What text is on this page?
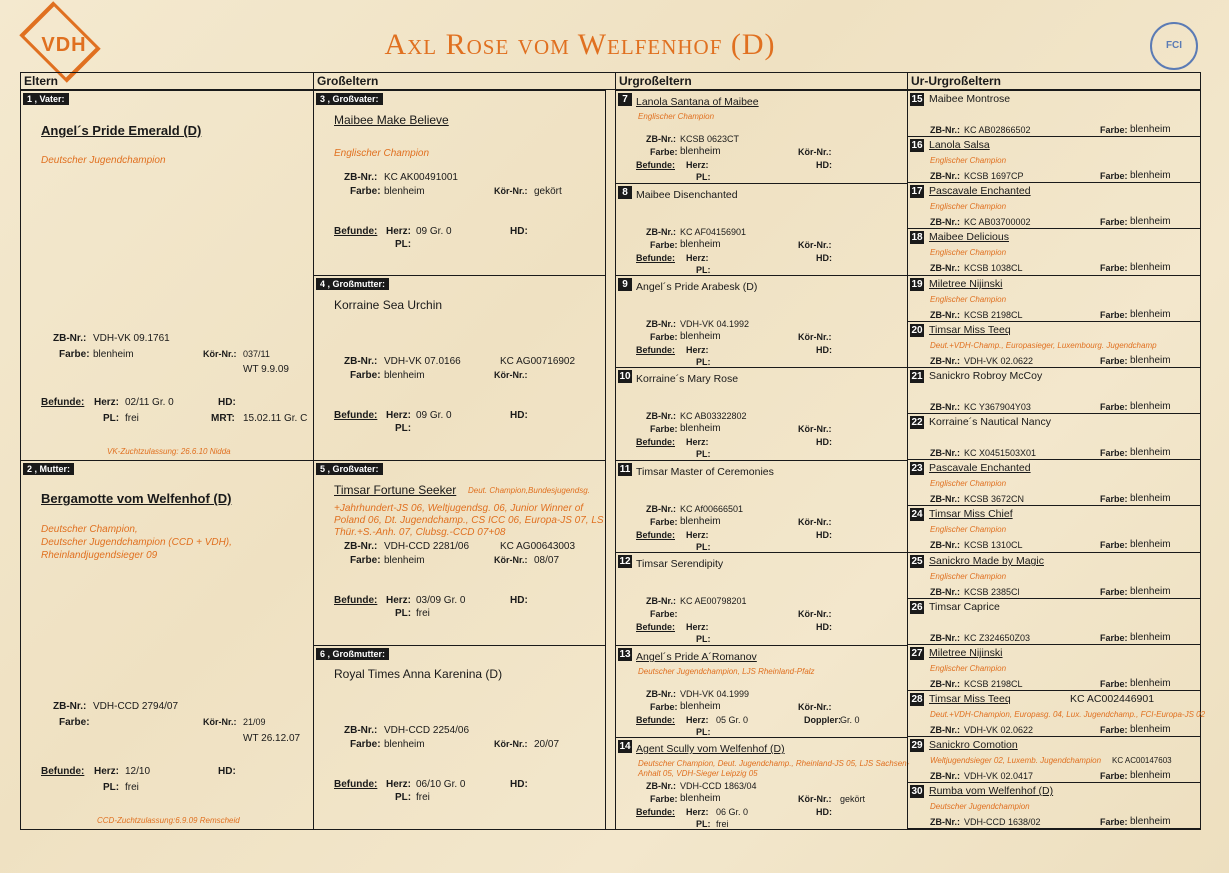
VDH	Axl Rose vom Welfenhof (D)	FCI
Eltern	Großeltern	Urgroßeltern	Ur-Urgroßeltern
1 , Vater:
Angel´s Pride Emerald (D)
Deutscher Jugendchampion
ZB-Nr.: VDH-VK 09.1761
Farbe: blenheim	Kör-Nr.: 037/11
WT 9.9.09
Befunde: Herz: 02/11 Gr. 0	HD:
PL: frei	MRT: 15.02.11 Gr. C
VK-Zuchtzulassung: 26.6.10 Nidda
2 , Mutter:
Bergamotte vom Welfenhof (D)
Deutscher Champion,
Deutscher Jugendchampion (CCD + VDH),
Rheinlandjugendsieger 09
ZB-Nr.: VDH-CCD 2794/07
Farbe:	Kör-Nr.: 21/09
WT 26.12.07
Befunde: Herz: 12/10	HD:
PL: frei
CCD-Zuchtzulassung:6.9.09 Remscheid
3 , Großvater:
Maibee Make Believe
Englischer Champion
ZB-Nr.: KC AK00491001
Farbe: blenheim	Kör-Nr.: gekört
Befunde: Herz: 09 Gr. 0	HD:
PL:
4 , Großmutter:
Korraine Sea Urchin
ZB-Nr.: VDH-VK 07.0166	KC AG00716902
Farbe: blenheim	Kör-Nr.:
Befunde: Herz: 09 Gr. 0	HD:
PL:
5 , Großvater:
Timsar Fortune Seeker Deut. Champion,Bundesjugendsg.
+Jahrhundert-JS 06, Weltjugendsg. 06, Junior Winner of
Poland 06, Dt. Jugendchamp., CS ICC 06, Europa-JS 07, LS
Thür.+S.-Anh. 07, Clubsg.-CCD 07+08
ZB-Nr.: VDH-CCD 2281/06	KC AG00643003
Farbe: blenheim	Kör-Nr.: 08/07
Befunde: Herz: 03/09 Gr. 0	HD:
PL: frei
6 , Großmutter:
Royal Times Anna Karenina (D)
ZB-Nr.: VDH-CCD 2254/06
Farbe: blenheim	Kör-Nr.: 20/07
Befunde: Herz: 06/10 Gr. 0	HD:
PL: frei
7 Lanola Santana of Maibee
Englischer Champion
ZB-Nr.: KCSB 0623CT
Farbe: blenheim	Kör-Nr.:
Befunde: Herz:	HD:
PL:
8 Maibee Disenchanted
ZB-Nr.: KC AF04156901
Farbe: blenheim	Kör-Nr.:
Befunde: Herz:	HD:
PL:
9 Angel´s Pride Arabesk (D)
ZB-Nr.: VDH-VK 04.1992
Farbe: blenheim	Kör-Nr.:
Befunde: Herz:	HD:
PL:
10 Korraine´s Mary Rose
ZB-Nr.: KC AB03322802
Farbe: blenheim	Kör-Nr.:
Befunde: Herz:	HD:
PL:
11 Timsar Master of Ceremonies
ZB-Nr.: KC Af00666501
Farbe: blenheim	Kör-Nr.:
Befunde: Herz:	HD:
PL:
12 Timsar Serendipity
ZB-Nr.: KC AE00798201
Farbe:	Kör-Nr.:
Befunde: Herz:	HD:
PL:
13 Angel´s Pride A´Romanov
Deutscher Jugendchampion, LJS Rheinland-Pfalz
ZB-Nr.: VDH-VK 04.1999
Farbe: blenheim	Kör-Nr.:
Befunde: Herz: 05 Gr. 0	Doppler: Gr. 0
PL:
14 Agent Scully vom Welfenhof (D)
Deutscher Champion, Deut. Jugendchamp., Rheinland-JS 05, LJS Sachsen-
Anhalt 05, VDH-Sieger Leipzig 05
ZB-Nr.: VDH-CCD 1863/04
Farbe: blenheim	Kör-Nr.: gekört
Befunde: Herz: 06 Gr. 0	HD:
PL: frei
15 Maibee Montrose
ZB-Nr.: KC AB02866502	Farbe: blenheim
16 Lanola Salsa
Englischer Champion
ZB-Nr.: KCSB 1697CP	Farbe: blenheim
17 Pascavale Enchanted
Englischer Champion
ZB-Nr.: KC AB03700002	Farbe: blenheim
18 Maibee Delicious
Englischer Champion
ZB-Nr.: KCSB 1038CL	Farbe: blenheim
19 Miletree Nijinski
Englischer Champion
ZB-Nr.: KCSB 2198CL	Farbe: blenheim
20 Timsar Miss Teeq
Deut.+VDH-Champ., Europasieger, Luxembourg. Jugendchamp
ZB-Nr.: VDH-VK 02.0622	Farbe: blenheim
21 Sanickro Robroy McCoy
ZB-Nr.: KC Y367904Y03	Farbe: blenheim
22 Korraine´s Nautical Nancy
ZB-Nr.: KC X0451503X01	Farbe: blenheim
23 Pascavale Enchanted
Englischer Champion
ZB-Nr.: KCSB 3672CN	Farbe: blenheim
24 Timsar Miss Chief
Englischer Champion
ZB-Nr.: KCSB 1310CL	Farbe: blenheim
25 Sanickro Made by Magic
Englischer Champion
ZB-Nr.: KCSB 2385Cl	Farbe: blenheim
26 Timsar Caprice
ZB-Nr.: KC Z324650Z03	Farbe: blenheim
27 Miletree Nijinski
Englischer Champion
ZB-Nr.: KCSB 2198CL	Farbe: blenheim
28 Timsar Miss Teeq	KC AC002446901
Deut.+VDH-Champion, Europasg. 04, Lux. Jugendchamp., FCI-Europa-JS 02
ZB-Nr.: VDH-VK 02.0622	Farbe: blenheim
29 Sanickro Comotion
Weltjugendsieger 02, Luxemb. Jugendchampion KC AC00147603
ZB-Nr.: VDH-VK 02.0417	Farbe: blenheim
30 Rumba vom Welfenhof (D)
Deutscher Jugendchampion
ZB-Nr.: VDH-CCD 1638/02	Farbe: blenheim
